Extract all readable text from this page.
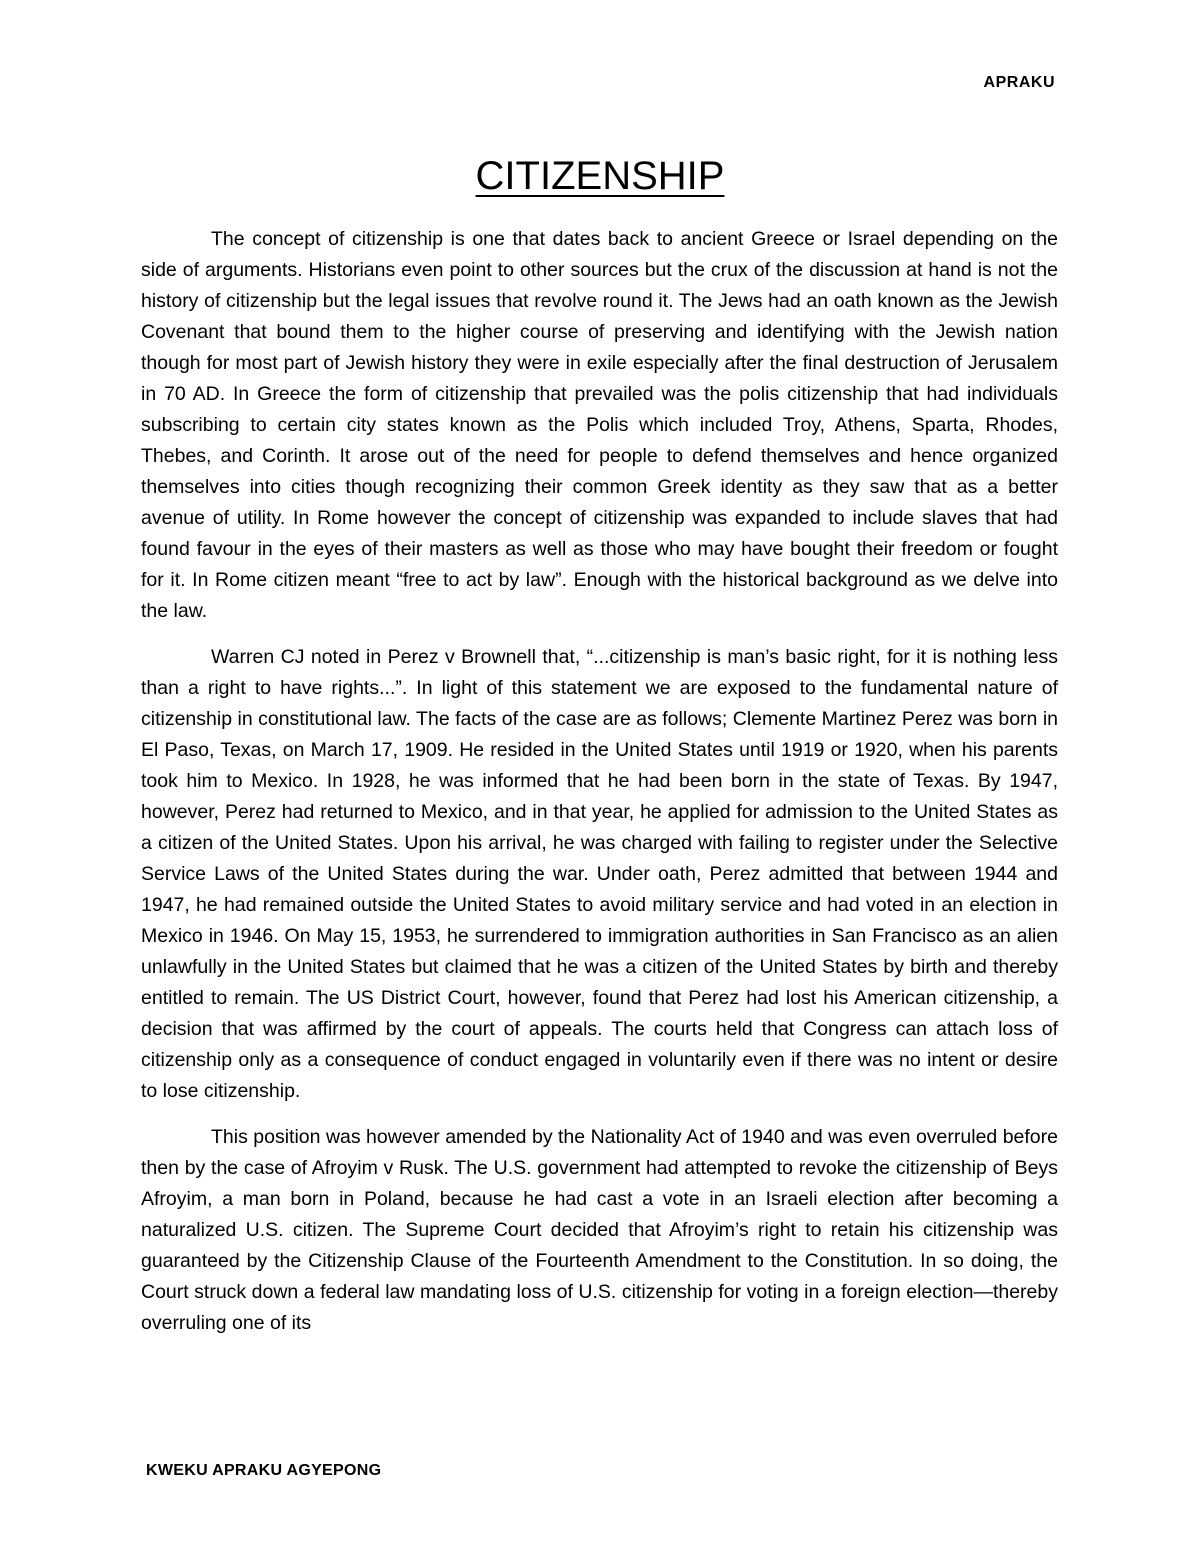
APRAKU
CITIZENSHIP

The concept of citizenship is one that dates back to ancient Greece or Israel depending on the side of arguments. Historians even point to other sources but the crux of the discussion at hand is not the history of citizenship but the legal issues that revolve round it. The Jews had an oath known as the Jewish Covenant that bound them to the higher course of preserving and identifying with the Jewish nation though for most part of Jewish history they were in exile especially after the final destruction of Jerusalem in 70 AD. In Greece the form of citizenship that prevailed was the polis citizenship that had individuals subscribing to certain city states known as the Polis which included Troy, Athens, Sparta, Rhodes, Thebes, and Corinth. It arose out of the need for people to defend themselves and hence organized themselves into cities though recognizing their common Greek identity as they saw that as a better avenue of utility. In Rome however the concept of citizenship was expanded to include slaves that had found favour in the eyes of their masters as well as those who may have bought their freedom or fought for it. In Rome citizen meant “free to act by law”. Enough with the historical background as we delve into the law.

Warren CJ noted in Perez v Brownell that, “...citizenship is man’s basic right, for it is nothing less than a right to have rights...”. In light of this statement we are exposed to the fundamental nature of citizenship in constitutional law. The facts of the case are as follows; Clemente Martinez Perez was born in El Paso, Texas, on March 17, 1909. He resided in the United States until 1919 or 1920, when his parents took him to Mexico. In 1928, he was informed that he had been born in the state of Texas. By 1947, however, Perez had returned to Mexico, and in that year, he applied for admission to the United States as a citizen of the United States. Upon his arrival, he was charged with failing to register under the Selective Service Laws of the United States during the war. Under oath, Perez admitted that between 1944 and 1947, he had remained outside the United States to avoid military service and had voted in an election in Mexico in 1946. On May 15, 1953, he surrendered to immigration authorities in San Francisco as an alien unlawfully in the United States but claimed that he was a citizen of the United States by birth and thereby entitled to remain. The US District Court, however, found that Perez had lost his American citizenship, a decision that was affirmed by the court of appeals. The courts held that Congress can attach loss of citizenship only as a consequence of conduct engaged in voluntarily even if there was no intent or desire to lose citizenship.

This position was however amended by the Nationality Act of 1940 and was even overruled before then by the case of Afroyim v Rusk. The U.S. government had attempted to revoke the citizenship of Beys Afroyim, a man born in Poland, because he had cast a vote in an Israeli election after becoming a naturalized U.S. citizen. The Supreme Court decided that Afroyim’s right to retain his citizenship was guaranteed by the Citizenship Clause of the Fourteenth Amendment to the Constitution. In so doing, the Court struck down a federal law mandating loss of U.S. citizenship for voting in a foreign election—thereby overruling one of its

KWEKU APRAKU AGYEPONG
